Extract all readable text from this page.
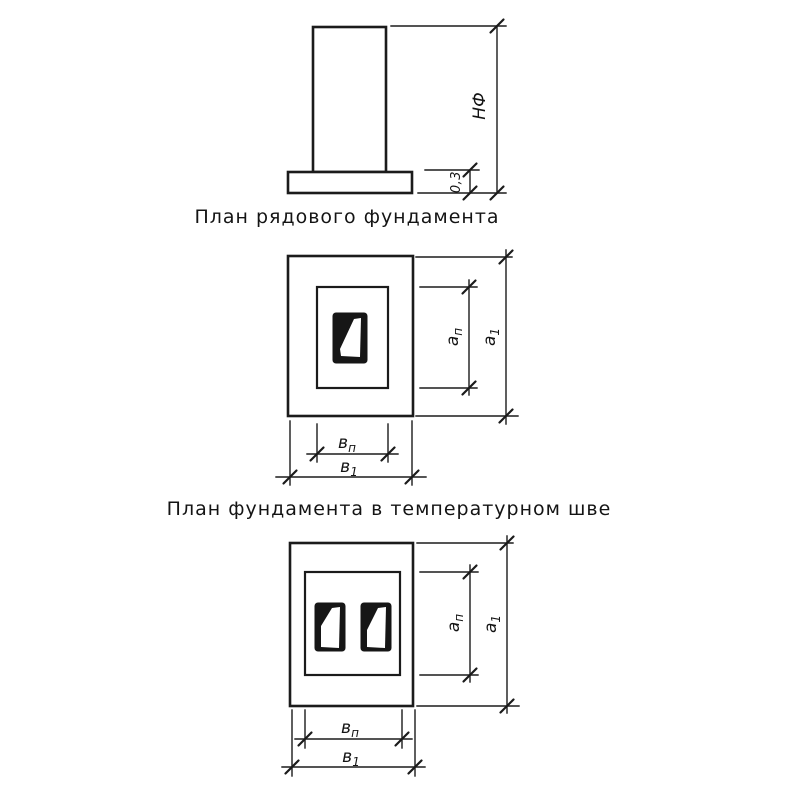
НФ
0,3
План рядового фундамента
$а_п$
$а_1$
$в_п$
$в_1$
План фундамента в температурном шве
$а_п$
$а_1$
$в_п$
$в_1$
